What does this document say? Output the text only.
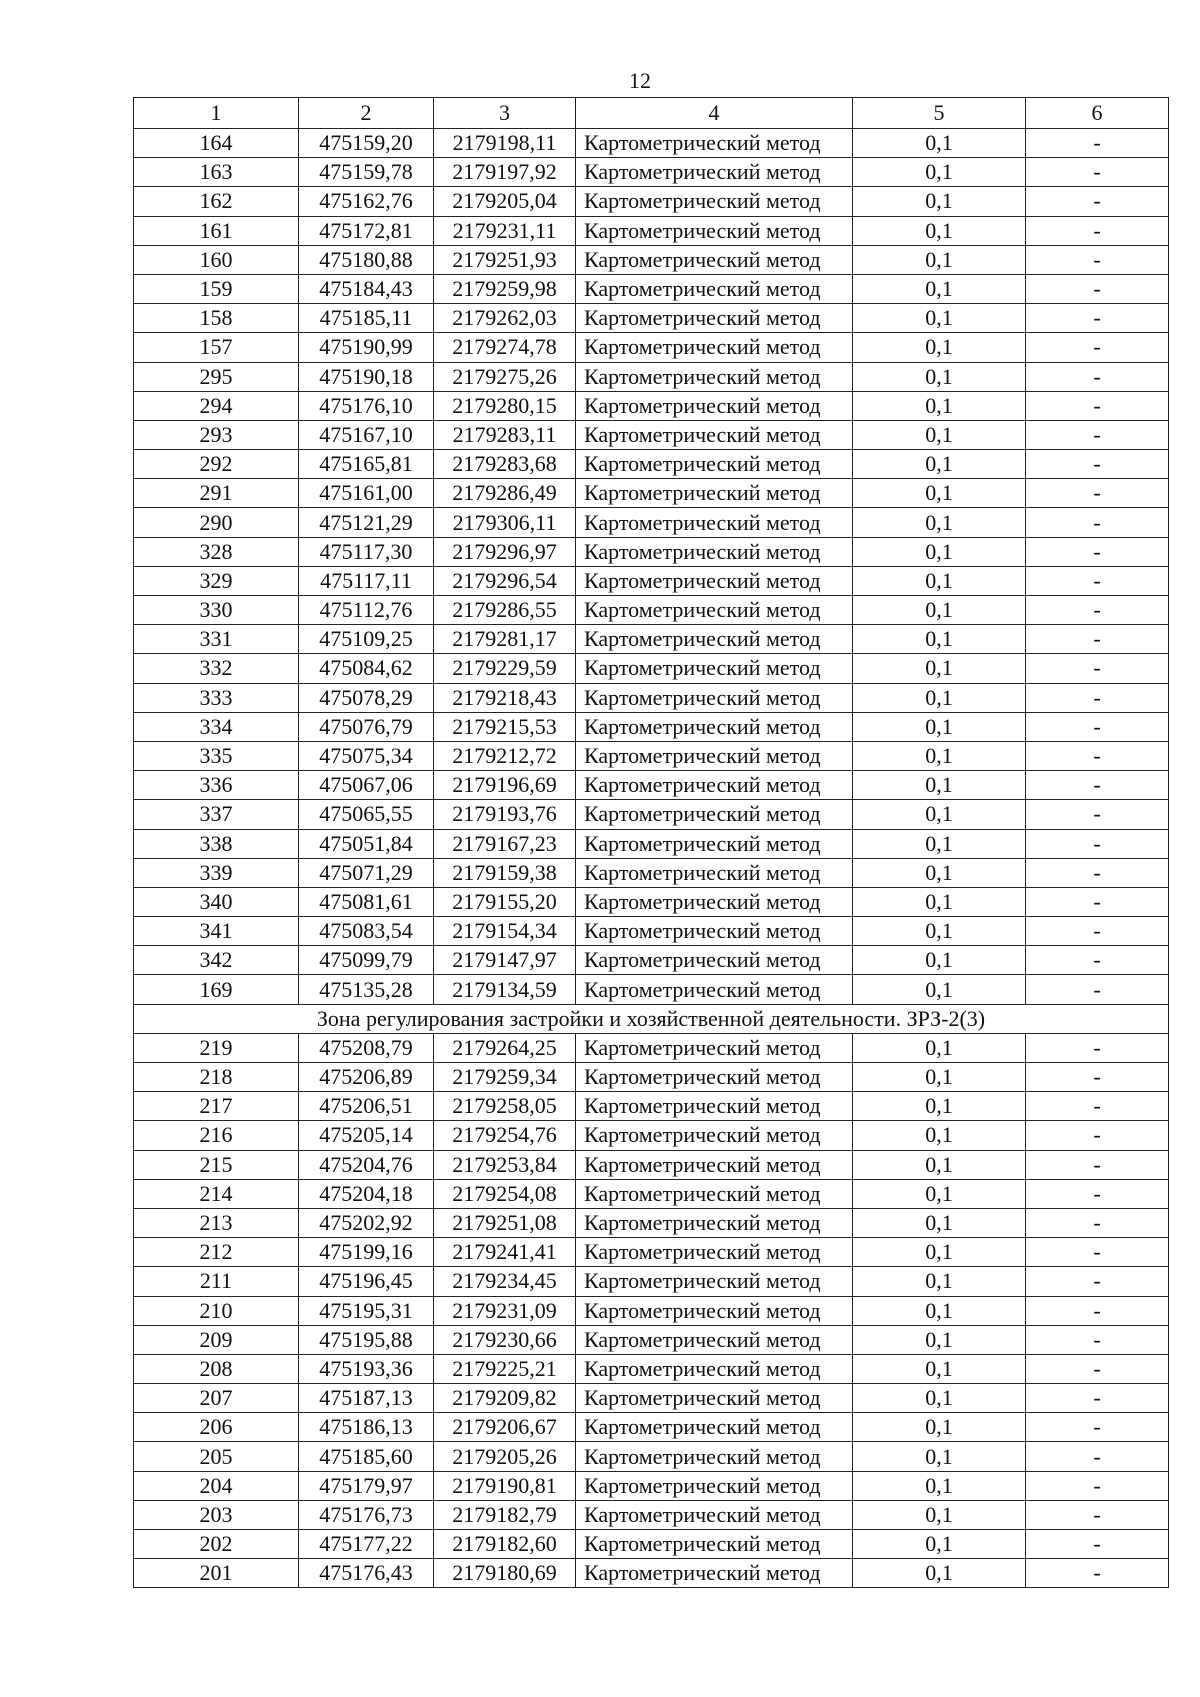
12
1	2	3	4	5	6
164	475159,20	2179198,11	Картометрический метод	0,1	-
163	475159,78	2179197,92	Картометрический метод	0,1	-
162	475162,76	2179205,04	Картометрический метод	0,1	-
161	475172,81	2179231,11	Картометрический метод	0,1	-
160	475180,88	2179251,93	Картометрический метод	0,1	-
159	475184,43	2179259,98	Картометрический метод	0,1	-
158	475185,11	2179262,03	Картометрический метод	0,1	-
157	475190,99	2179274,78	Картометрический метод	0,1	-
295	475190,18	2179275,26	Картометрический метод	0,1	-
294	475176,10	2179280,15	Картометрический метод	0,1	-
293	475167,10	2179283,11	Картометрический метод	0,1	-
292	475165,81	2179283,68	Картометрический метод	0,1	-
291	475161,00	2179286,49	Картометрический метод	0,1	-
290	475121,29	2179306,11	Картометрический метод	0,1	-
328	475117,30	2179296,97	Картометрический метод	0,1	-
329	475117,11	2179296,54	Картометрический метод	0,1	-
330	475112,76	2179286,55	Картометрический метод	0,1	-
331	475109,25	2179281,17	Картометрический метод	0,1	-
332	475084,62	2179229,59	Картометрический метод	0,1	-
333	475078,29	2179218,43	Картометрический метод	0,1	-
334	475076,79	2179215,53	Картометрический метод	0,1	-
335	475075,34	2179212,72	Картометрический метод	0,1	-
336	475067,06	2179196,69	Картометрический метод	0,1	-
337	475065,55	2179193,76	Картометрический метод	0,1	-
338	475051,84	2179167,23	Картометрический метод	0,1	-
339	475071,29	2179159,38	Картометрический метод	0,1	-
340	475081,61	2179155,20	Картометрический метод	0,1	-
341	475083,54	2179154,34	Картометрический метод	0,1	-
342	475099,79	2179147,97	Картометрический метод	0,1	-
169	475135,28	2179134,59	Картометрический метод	0,1	-
Зона регулирования застройки и хозяйственной деятельности. ЗРЗ-2(3)					
219	475208,79	2179264,25	Картометрический метод	0,1	-
218	475206,89	2179259,34	Картометрический метод	0,1	-
217	475206,51	2179258,05	Картометрический метод	0,1	-
216	475205,14	2179254,76	Картометрический метод	0,1	-
215	475204,76	2179253,84	Картометрический метод	0,1	-
214	475204,18	2179254,08	Картометрический метод	0,1	-
213	475202,92	2179251,08	Картометрический метод	0,1	-
212	475199,16	2179241,41	Картометрический метод	0,1	-
211	475196,45	2179234,45	Картометрический метод	0,1	-
210	475195,31	2179231,09	Картометрический метод	0,1	-
209	475195,88	2179230,66	Картометрический метод	0,1	-
208	475193,36	2179225,21	Картометрический метод	0,1	-
207	475187,13	2179209,82	Картометрический метод	0,1	-
206	475186,13	2179206,67	Картометрический метод	0,1	-
205	475185,60	2179205,26	Картометрический метод	0,1	-
204	475179,97	2179190,81	Картометрический метод	0,1	-
203	475176,73	2179182,79	Картометрический метод	0,1	-
202	475177,22	2179182,60	Картометрический метод	0,1	-
201	475176,43	2179180,69	Картометрический метод	0,1	-
